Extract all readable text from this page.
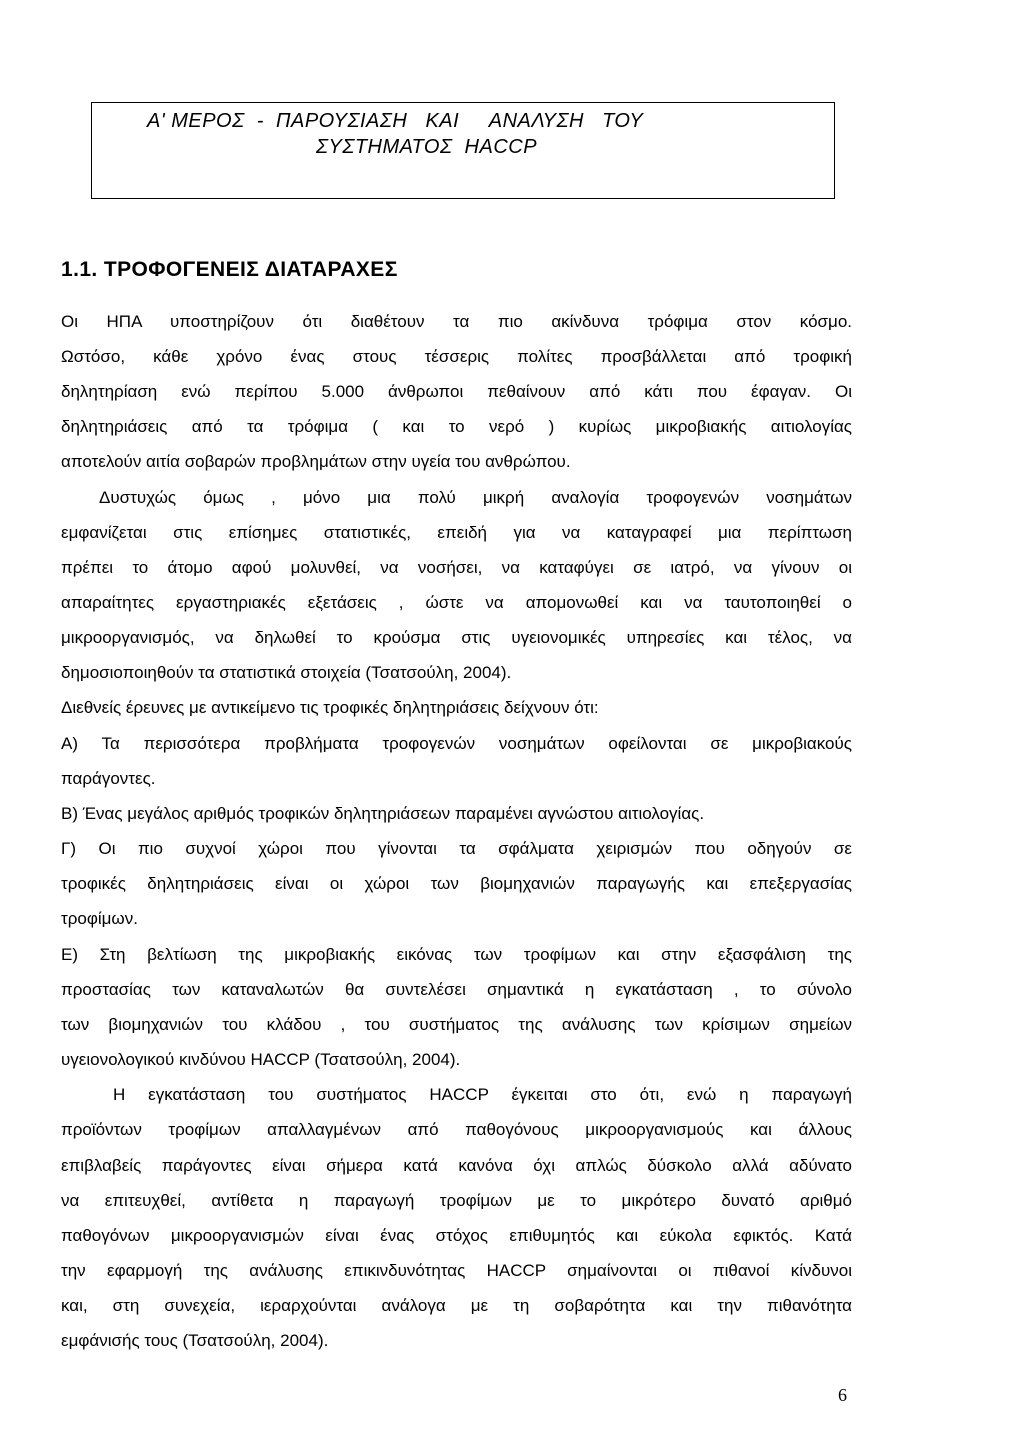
Α' ΜΕΡΟΣ  -  ΠΑΡΟΥΣΙΑΣΗ   ΚΑΙ     ΑΝΑΛΥΣΗ   ΤΟΥ
ΣΥΣΤΗΜΑΤΟΣ  HACCP
1.1. ΤΡΟΦΟΓΕΝΕΙΣ ΔΙΑΤΑΡΑΧΕΣ
Οι ΗΠΑ υποστηρίζουν ότι διαθέτουν τα πιο ακίνδυνα τρόφιμα στον κόσμο.
Ωστόσο, κάθε χρόνο ένας στους τέσσερις πολίτες προσβάλλεται από τροφική
δηλητηρίαση ενώ περίπου 5.000 άνθρωποι πεθαίνουν από κάτι που έφαγαν. Οι
δηλητηριάσεις από τα τρόφιμα ( και το νερό ) κυρίως μικροβιακής αιτιολογίας
αποτελούν αιτία σοβαρών προβλημάτων στην υγεία του ανθρώπου.
Δυστυχώς όμως , μόνο μια πολύ μικρή αναλογία τροφογενών νοσημάτων
εμφανίζεται στις επίσημες στατιστικές, επειδή για να καταγραφεί μια περίπτωση
πρέπει το άτομο αφού μολυνθεί, να νοσήσει, να καταφύγει σε ιατρό, να γίνουν οι
απαραίτητες εργαστηριακές εξετάσεις , ώστε να απομονωθεί και να ταυτοποιηθεί ο
μικροοργανισμός, να δηλωθεί το κρούσμα στις υγειονομικές υπηρεσίες και τέλος, να
δημοσιοποιηθούν τα στατιστικά στοιχεία (Τσατσούλη, 2004).
Διεθνείς έρευνες με αντικείμενο τις τροφικές δηλητηριάσεις δείχνουν ότι:
Α) Τα περισσότερα προβλήματα τροφογενών νοσημάτων οφείλονται σε μικροβιακούς
παράγοντες.
Β) Ένας μεγάλος αριθμός τροφικών δηλητηριάσεων παραμένει αγνώστου αιτιολογίας.
Γ) Οι πιο συχνοί χώροι που γίνονται τα σφάλματα χειρισμών που οδηγούν σε
τροφικές δηλητηριάσεις είναι οι χώροι των βιομηχανιών παραγωγής και επεξεργασίας
τροφίμων.
Ε) Στη βελτίωση της μικροβιακής εικόνας των τροφίμων και στην εξασφάλιση της
προστασίας των καταναλωτών θα συντελέσει σημαντικά η εγκατάσταση , το σύνολο
των βιομηχανιών του κλάδου , του συστήματος της ανάλυσης των κρίσιμων σημείων
υγειονολογικού κινδύνου HACCP (Τσατσούλη, 2004).
Η εγκατάσταση του συστήματος HACCP έγκειται στο ότι, ενώ η παραγωγή
προϊόντων τροφίμων απαλλαγμένων από παθογόνους μικροοργανισμούς και άλλους
επιβλαβείς παράγοντες είναι σήμερα κατά κανόνα όχι απλώς δύσκολο αλλά αδύνατο
να επιτευχθεί, αντίθετα η παραγωγή τροφίμων με το μικρότερο δυνατό αριθμό
παθογόνων μικροοργανισμών είναι ένας στόχος επιθυμητός και εύκολα εφικτός. Κατά
την εφαρμογή της ανάλυσης επικινδυνότητας HACCP σημαίνονται οι πιθανοί κίνδυνοι
και, στη συνεχεία, ιεραρχούνται ανάλογα με τη σοβαρότητα και την πιθανότητα
εμφάνισής τους (Τσατσούλη, 2004).
6
